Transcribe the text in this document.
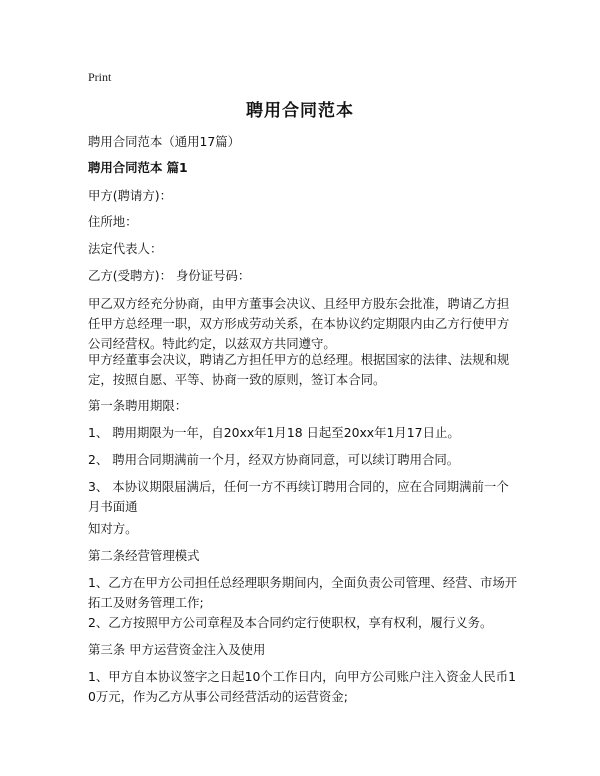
Print
聘用合同范本

聘用合同范本（通用17篇）

聘用合同范本 篇1

甲方(聘请方)：

住所地：

法定代表人：

乙方(受聘方)： 身份证号码：

甲乙双方经充分协商，由甲方董事会决议、且经甲方股东会批准，聘请乙方担任甲方总经理一职，双方形成劳动关系，在本协议约定期限内由乙方行使甲方公司经营权。特此约定，以兹双方共同遵守。

甲方经董事会决议，聘请乙方担任甲方的总经理。根据国家的法律、法规和规定，按照自愿、平等、协商一致的原则，签订本合同。

第一条聘用期限：

1、 聘用期限为一年，自20xx年1月18 日起至20xx年1月17日止。

2、 聘用合同期满前一个月，经双方协商同意，可以续订聘用合同。

3、 本协议期限届满后，任何一方不再续订聘用合同的，应在合同期满前一个月书面通

知对方。

第二条经营管理模式

1、乙方在甲方公司担任总经理职务期间内，全面负责公司管理、经营、市场开拓工及财务管理工作;

2、乙方按照甲方公司章程及本合同约定行使职权，享有权利，履行义务。

第三条 甲方运营资金注入及使用

1、甲方自本协议签字之日起10个工作日内，向甲方公司账户注入资金人民币10万元，作为乙方从事公司经营活动的运营资金;
